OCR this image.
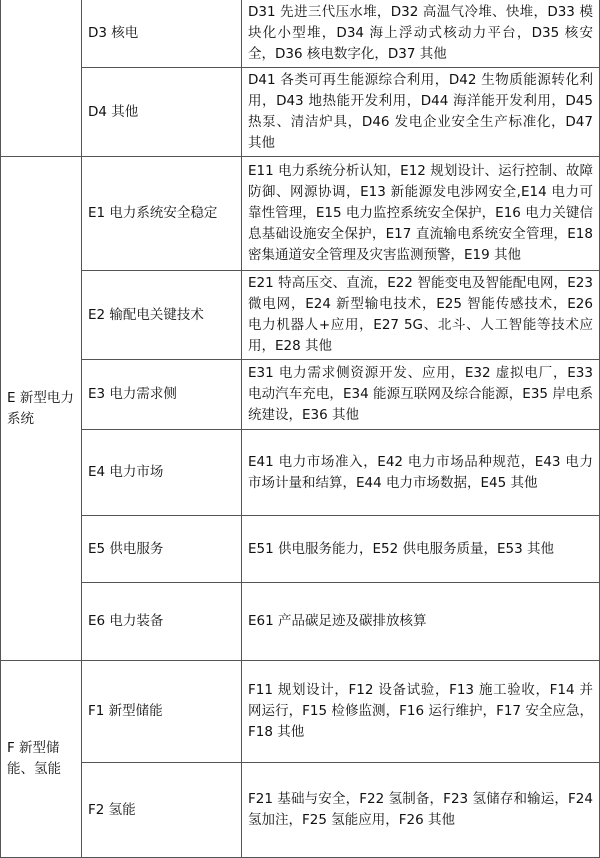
	D3 核电	D31 先进三代压水堆，D32 高温气冷堆、快堆，D33 模块化小型堆，D34 海上浮动式核动力平台，D35 核安全，D36 核电数字化，D37 其他
	D4 其他	D41 各类可再生能源综合利用，D42 生物质能源转化利用，D43 地热能开发利用，D44 海洋能开发利用，D45 热泵、清洁炉具，D46 发电企业安全生产标准化，D47 其他
E 新型电力系统	E1 电力系统安全稳定	E11 电力系统分析认知，E12 规划设计、运行控制、故障防御、网源协调，E13 新能源发电涉网安全,E14 电力可靠性管理，E15 电力监控系统安全保护，E16 电力关键信息基础设施安全保护，E17 直流输电系统安全管理，E18 密集通道安全管理及灾害监测预警，E19 其他
	E2 输配电关键技术	E21 特高压交、直流，E22 智能变电及智能配电网，E23 微电网，E24 新型输电技术，E25 智能传感技术，E26 电力机器人+应用，E27 5G、北斗、人工智能等技术应用，E28 其他
	E3 电力需求侧	E31 电力需求侧资源开发、应用，E32 虚拟电厂，E33 电动汽车充电，E34 能源互联网及综合能源，E35 岸电系统建设，E36 其他
	E4 电力市场	E41 电力市场准入，E42 电力市场品种规范，E43 电力市场计量和结算，E44 电力市场数据，E45 其他
	E5 供电服务	E51 供电服务能力，E52 供电服务质量，E53 其他
	E6 电力装备	E61 产品碳足迹及碳排放核算
F 新型储能、氢能	F1 新型储能	F11 规划设计，F12 设备试验，F13 施工验收，F14 并网运行，F15 检修监测，F16 运行维护，F17 安全应急，F18 其他
	F2 氢能	F21 基础与安全，F22 氢制备，F23 氢储存和输运，F24 氢加注，F25 氢能应用，F26 其他
